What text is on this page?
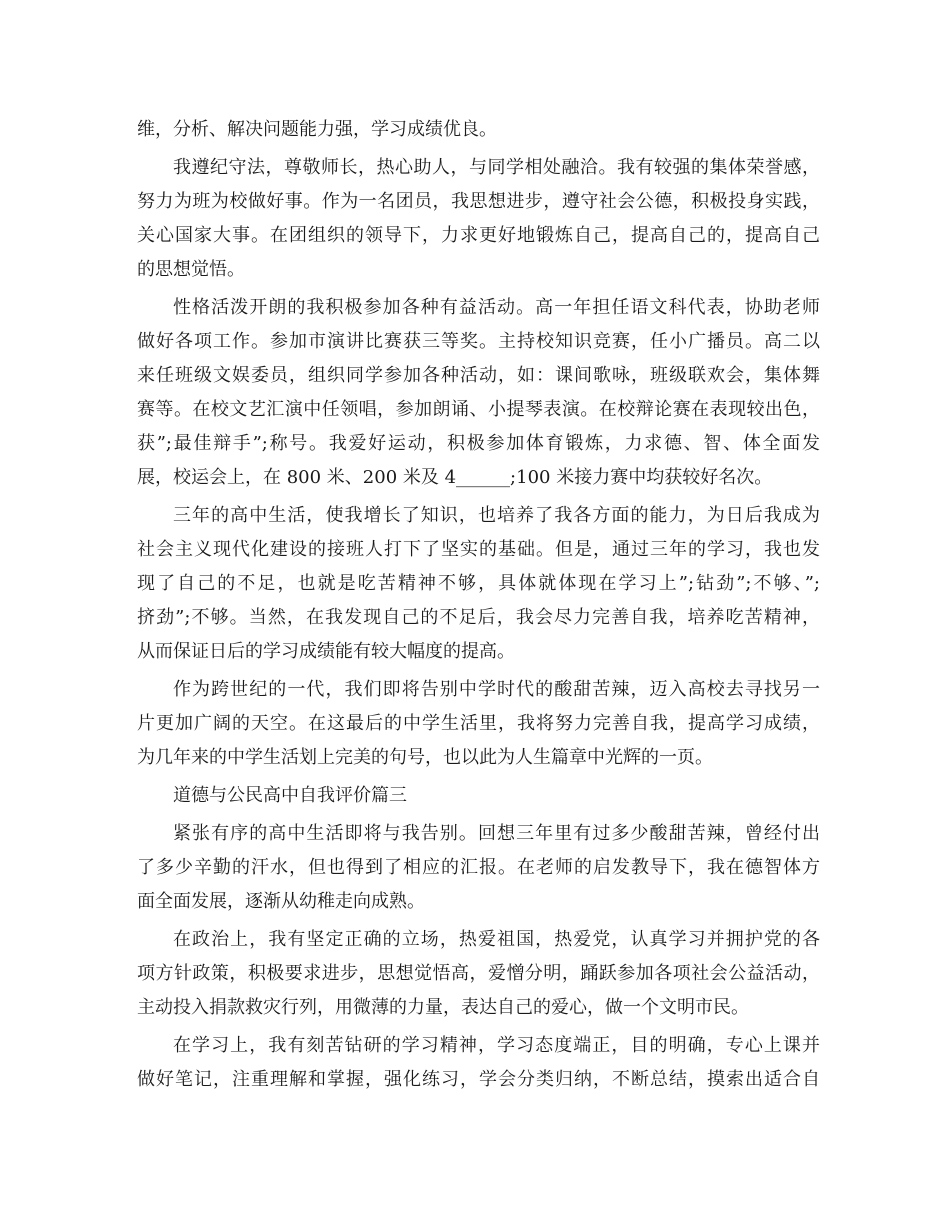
维，分析、解决问题能力强，学习成绩优良。
我遵纪守法，尊敬师长，热心助人，与同学相处融洽。我有较强的集体荣誉感，
努力为班为校做好事。作为一名团员，我思想进步，遵守社会公德，积极投身实践，
关心国家大事。在团组织的领导下，力求更好地锻炼自己，提高自己的，提高自己
的思想觉悟。
性格活泼开朗的我积极参加各种有益活动。高一年担任语文科代表，协助老师
做好各项工作。参加市演讲比赛获三等奖。主持校知识竞赛，任小广播员。高二以
来任班级文娱委员，组织同学参加各种活动，如：课间歌咏，班级联欢会，集体舞
赛等。在校文艺汇演中任领唱，参加朗诵、小提琴表演。在校辩论赛在表现较出色，
获”;最佳辩手”;称号。我爱好运动，积极参加体育锻炼，力求德、智、体全面发
展，校运会上，在 800 米、200 米及 4______;100 米接力赛中均获较好名次。
三年的高中生活，使我增长了知识，也培养了我各方面的能力，为日后我成为
社会主义现代化建设的接班人打下了坚实的基础。但是，通过三年的学习，我也发
现了自己的不足，也就是吃苦精神不够，具体就体现在学习上”;钻劲”;不够、”;
挤劲”;不够。当然，在我发现自己的不足后，我会尽力完善自我，培养吃苦精神，
从而保证日后的学习成绩能有较大幅度的提高。
作为跨世纪的一代，我们即将告别中学时代的酸甜苦辣，迈入高校去寻找另一
片更加广阔的天空。在这最后的中学生活里，我将努力完善自我，提高学习成绩，
为几年来的中学生活划上完美的句号，也以此为人生篇章中光辉的一页。
道德与公民高中自我评价篇三
紧张有序的高中生活即将与我告别。回想三年里有过多少酸甜苦辣，曾经付出
了多少辛勤的汗水，但也得到了相应的汇报。在老师的启发教导下，我在德智体方
面全面发展，逐渐从幼稚走向成熟。
在政治上，我有坚定正确的立场，热爱祖国，热爱党，认真学习并拥护党的各
项方针政策，积极要求进步，思想觉悟高，爱憎分明，踊跃参加各项社会公益活动，
主动投入捐款救灾行列，用微薄的力量，表达自己的爱心，做一个文明市民。
在学习上，我有刻苦钻研的学习精神，学习态度端正，目的明确，专心上课并
做好笔记，注重理解和掌握，强化练习，学会分类归纳，不断总结，摸索出适合自
